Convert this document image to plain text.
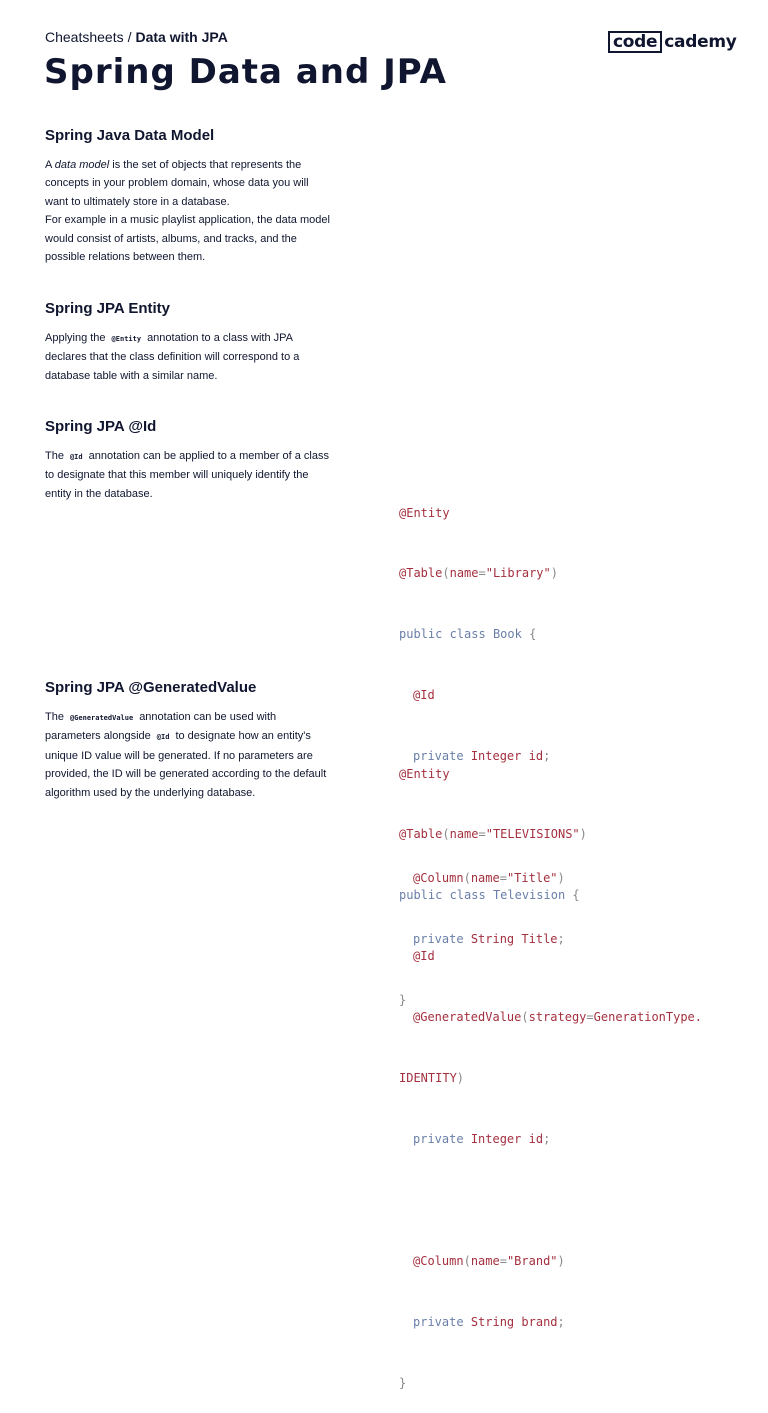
Cheatsheets / Data with JPA	code cademy
Spring Data and JPA
Spring Java Data Model

A data model is the set of objects that represents the concepts in your problem domain, whose data you will want to ultimately store in a database.

For example in a music playlist application, the data model would consist of artists, albums, and tracks, and the possible relations between them.

Spring JPA Entity

Applying the @Entity annotation to a class with JPA declares that the class definition will correspond to a database table with a similar name.

Spring JPA @Id

The @Id annotation can be applied to a member of a class to designate that this member will uniquely identify the entity in the database.

Spring JPA @GeneratedValue

The @GeneratedValue annotation can be used with parameters alongside @Id to designate how an entity's unique ID value will be generated. If no parameters are provided, the ID will be generated according to the default algorithm used by the underlying database.

@Entity

@Table(name="Library")

public class Book {

@Id

private Integer id;

@Column(name="Title")

private String Title;

}

@Entity

@Table(name="TELEVISIONS")

public class Television {

@Id

@GeneratedValue(strategy=GenerationType.

IDENTITY)

private Integer id;

@Column(name="Brand")

private String brand;

}
